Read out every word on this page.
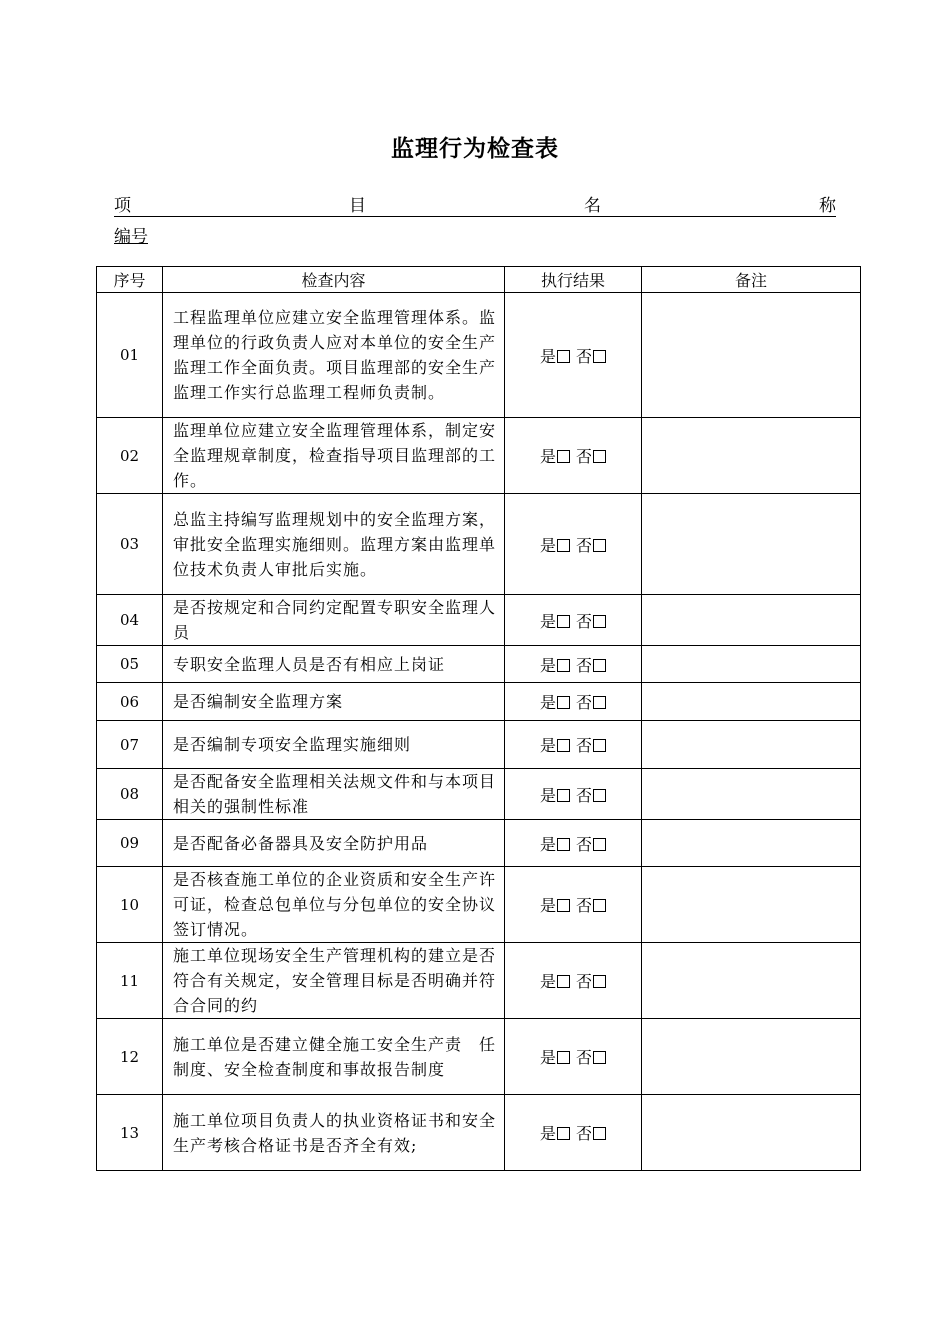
监理行为检查表
项	目	名	称
编号
序号	检查内容	执行结果	备注
01	工程监理单位应建立安全监理管理体系。监理单位的行政负责人应对本单位的安全生产监理工作全面负责。项目监理部的安全生产监理工作实行总监理工程师负责制。	是 否	
02	监理单位应建立安全监理管理体系，制定安全监理规章制度，检查指导项目监理部的工作。	是 否	
03	总监主持编写监理规划中的安全监理方案，审批安全监理实施细则。监理方案由监理单位技术负责人审批后实施。	是 否	
04	是否按规定和合同约定配置专职安全监理人员	是 否	
05	专职安全监理人员是否有相应上岗证	是 否	
06	是否编制安全监理方案	是 否	
07	是否编制专项安全监理实施细则	是 否	
08	是否配备安全监理相关法规文件和与本项目相关的强制性标准	是 否	
09	是否配备必备器具及安全防护用品	是 否	
10	是否核查施工单位的企业资质和安全生产许可证，检查总包单位与分包单位的安全协议签订情况。	是 否	
11	施工单位现场安全生产管理机构的建立是否符合有关规定，安全管理目标是否明确并符合合同的约	是 否	
12	施工单位是否建立健全施工安全生产责　任制度、安全检查制度和事故报告制度	是 否	
13	施工单位项目负责人的执业资格证书和安全生产考核合格证书是否齐全有效;	是 否	
